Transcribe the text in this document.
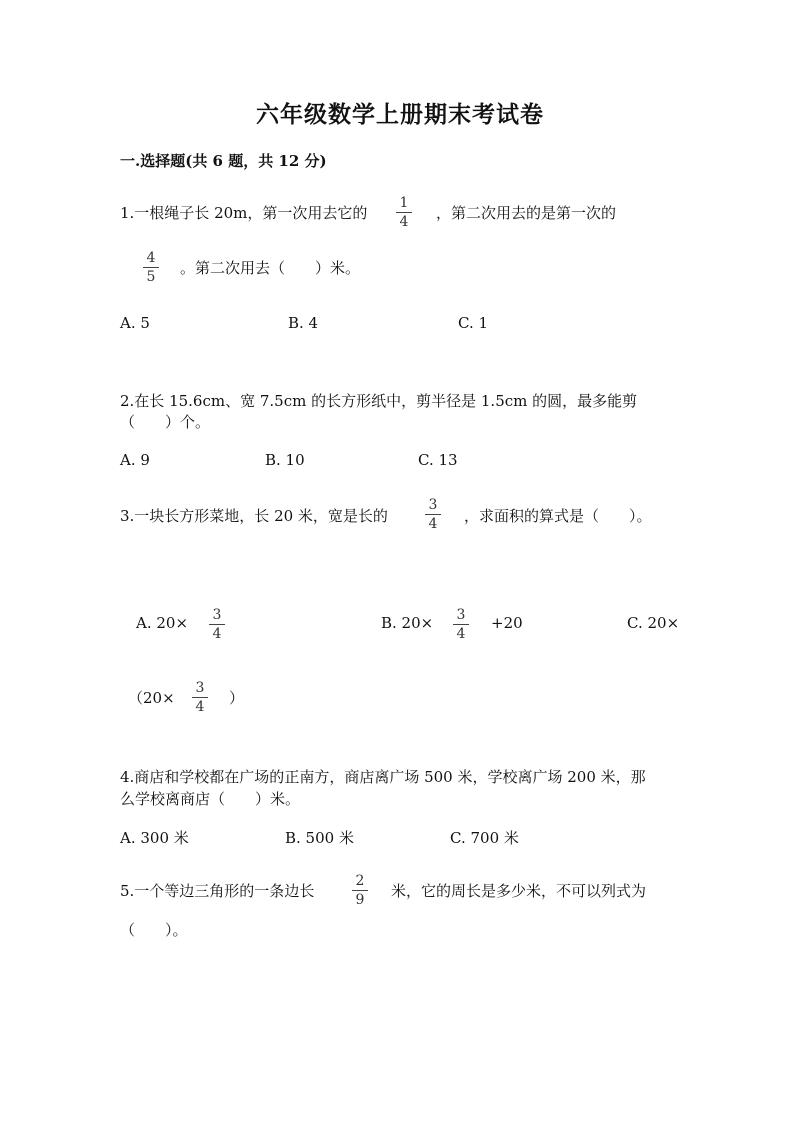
六年级数学上册期末考试卷
一.选择题(共 6 题，共 12 分)
1.一根绳子长 20m，第一次用去它的
1
4	，第二次用去的是第一次的
4
5	。第二次用去（　　）米。
A. 5	B. 4	C. 1
2.在长 15.6cm、宽 7.5cm 的长方形纸中，剪半径是 1.5cm 的圆，最多能剪
（　　）个。
A. 9	B. 10	C. 13
3.一块长方形菜地，长 20 米，宽是长的
3
4	，求面积的算式是（　　）。
A. 20×	3
4
B. 20×	3
4
+20	C. 20×
（20×
3
4	）
4.商店和学校都在广场的正南方，商店离广场 500 米，学校离广场 200 米，那
么学校离商店（　　）米。
A. 300 米	B. 500 米	C. 700 米
5.一个等边三角形的一条边长
2
9	米，它的周长是多少米，不可以列式为
（　　）。
